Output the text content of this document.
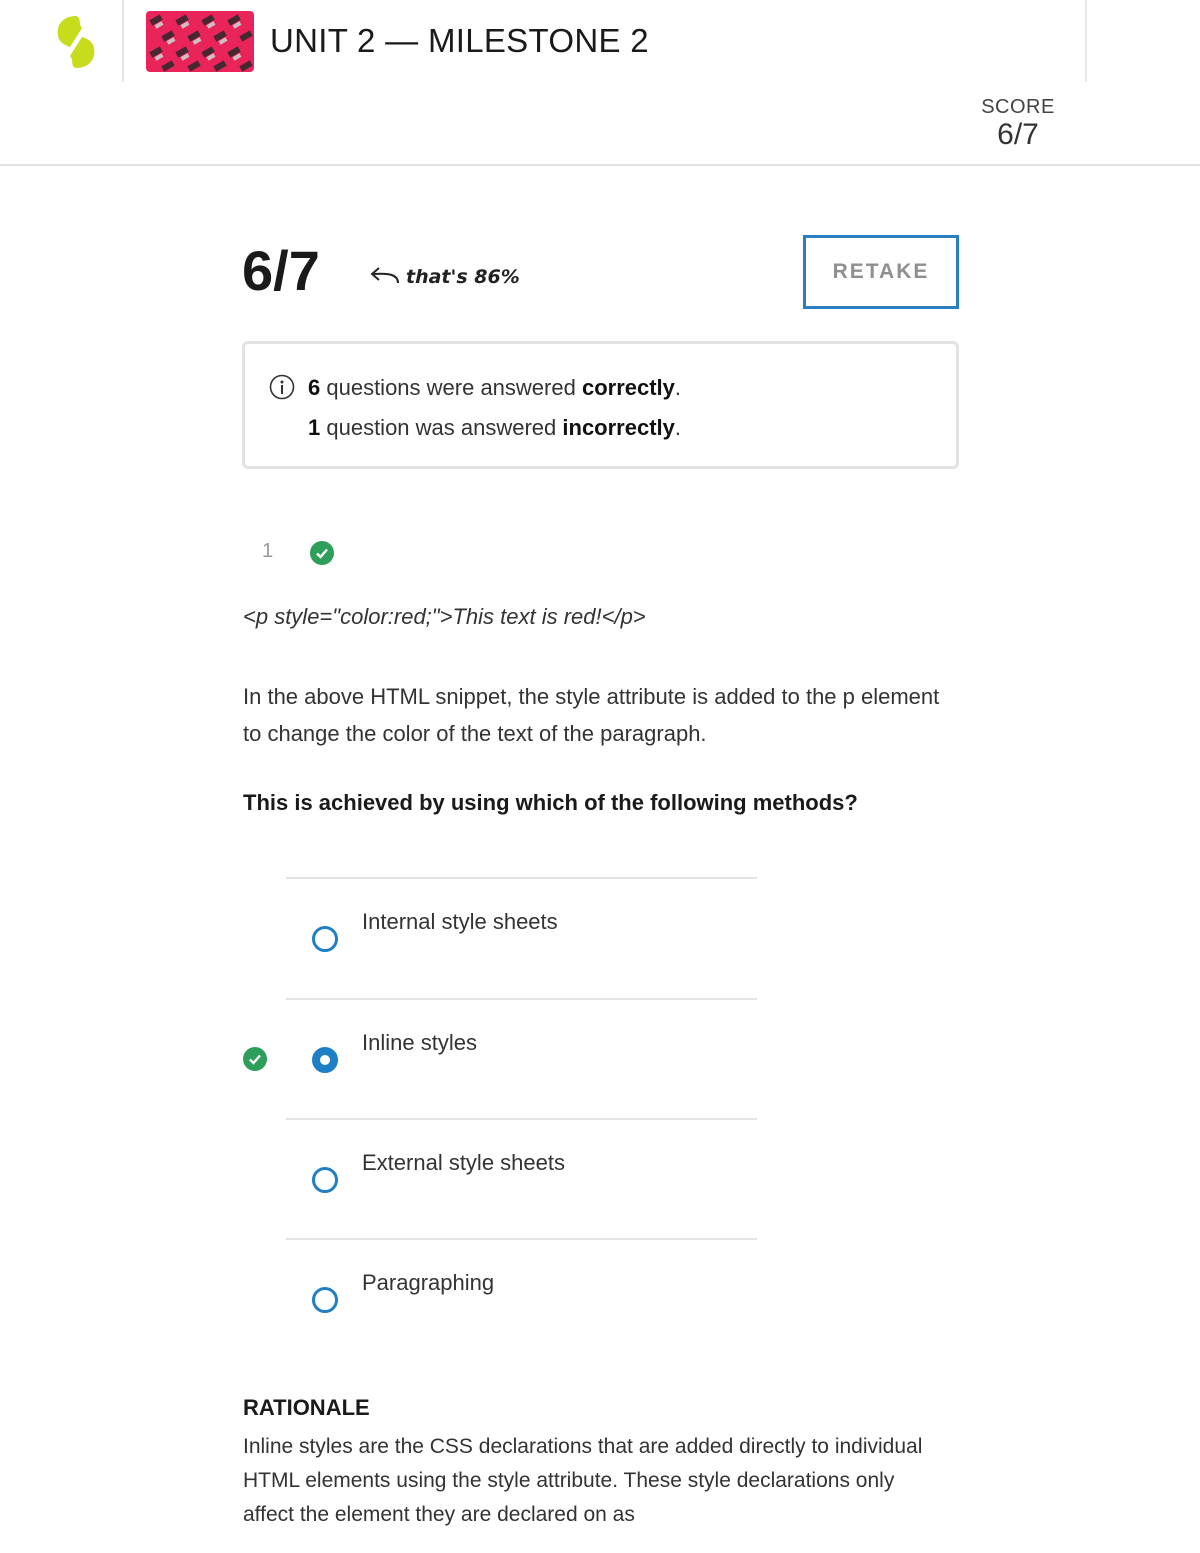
UNIT 2 — MILESTONE 2
SCORE
6/7
6/7	that's 86%	RETAKE
6 questions were answered correctly.
1 question was answered incorrectly.
1
<p style="color:red;">This text is red!</p>
In the above HTML snippet, the style attribute is added to the p element to change the color of the text of the paragraph.
This is achieved by using which of the following methods?
Internal style sheets
Inline styles
External style sheets
Paragraphing
RATIONALE
Inline styles are the CSS declarations that are added directly to individual HTML elements using the style attribute. These style declarations only affect the element they are declared on as
